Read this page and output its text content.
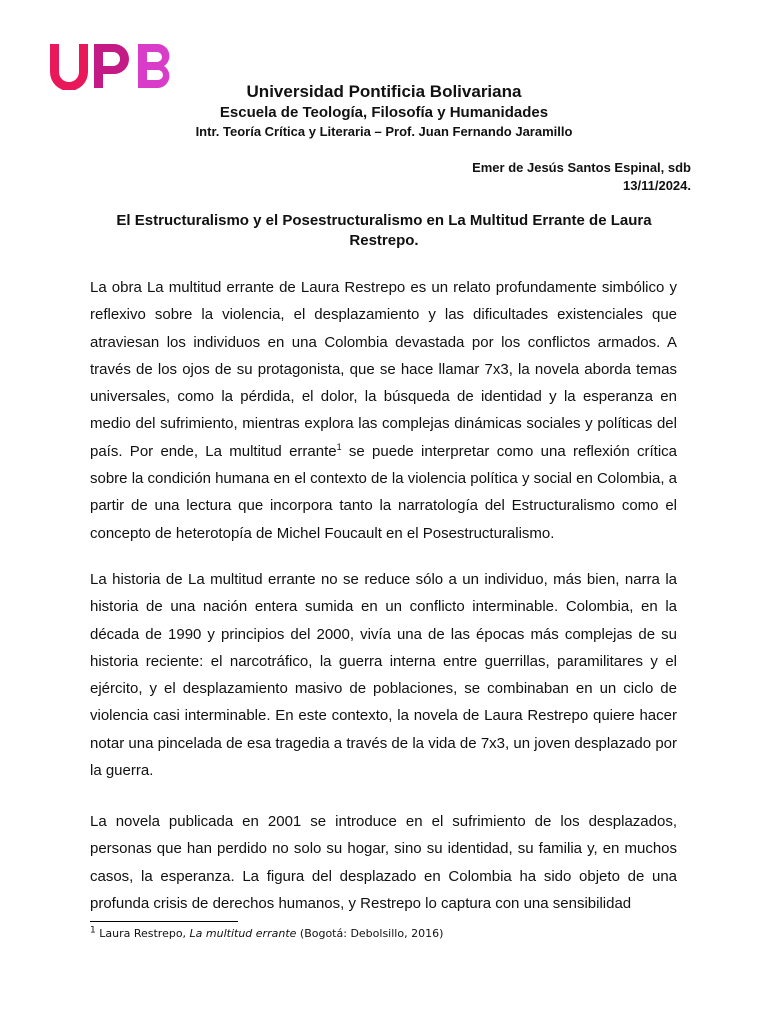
Universidad Pontificia Bolivariana
Escuela de Teología, Filosofía y Humanidades
Intr. Teoría Crítica y Literaria – Prof. Juan Fernando Jaramillo
Emer de Jesús Santos Espinal, sdb
13/11/2024.
El Estructuralismo y el Posestructuralismo en La Multitud Errante de Laura Restrepo.

La obra La multitud errante de Laura Restrepo es un relato profundamente simbólico y reflexivo sobre la violencia, el desplazamiento y las dificultades existenciales que atraviesan los individuos en una Colombia devastada por los conflictos armados. A través de los ojos de su protagonista, que se hace llamar 7x3, la novela aborda temas universales, como la pérdida, el dolor, la búsqueda de identidad y la esperanza en medio del sufrimiento, mientras explora las complejas dinámicas sociales y políticas del país. Por ende, La multitud errante$^1$ se puede interpretar como una reflexión crítica sobre la condición humana en el contexto de la violencia política y social en Colombia, a partir de una lectura que incorpora tanto la narratología del Estructuralismo como el concepto de heterotopía de Michel Foucault en el Posestructuralismo.

La historia de La multitud errante no se reduce sólo a un individuo, más bien, narra la historia de una nación entera sumida en un conflicto interminable. Colombia, en la década de 1990 y principios del 2000, vivía una de las épocas más complejas de su historia reciente: el narcotráfico, la guerra interna entre guerrillas, paramilitares y el ejército, y el desplazamiento masivo de poblaciones, se combinaban en un ciclo de violencia casi interminable. En este contexto, la novela de Laura Restrepo quiere hacer notar una pincelada de esa tragedia a través de la vida de 7x3, un joven desplazado por la guerra.

La novela publicada en 2001 se introduce en el sufrimiento de los desplazados, personas que han perdido no solo su hogar, sino su identidad, su familia y, en muchos casos, la esperanza. La figura del desplazado en Colombia ha sido objeto de una profunda crisis de derechos humanos, y Restrepo lo captura con una sensibilidad

$^1$ Laura Restrepo, La multitud errante (Bogotá: Debolsillo, 2016)
